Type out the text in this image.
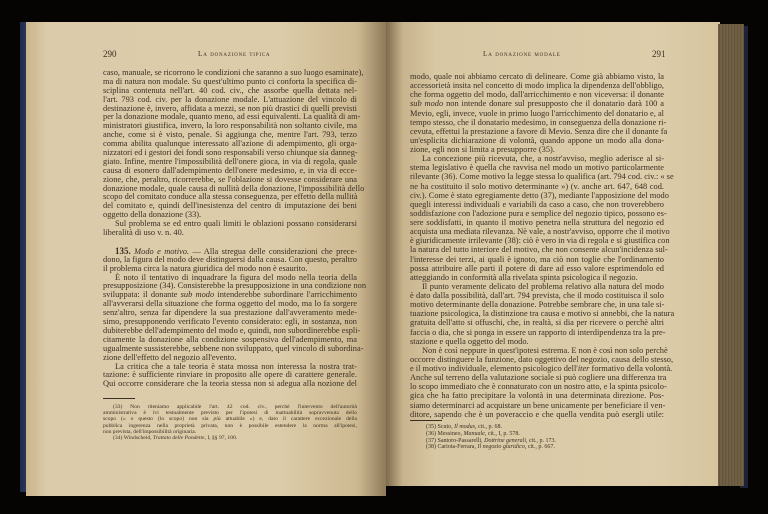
290	La donazione tipica
caso, manuale, se ricorrono le condizioni che saranno a suo luogo esaminate),
ma di natura non modale. Su quest'ultimo punto ci conforta la specifica di-
sciplina contenuta nell'art. 40 cod. civ., che assorbe quella dettata nel-
l'art. 793 cod. civ. per la donazione modale. L'attuazione del vincolo di
destinazione è, invero, affidata a mezzi, se non più drastici di quelli previsti
per la donazione modale, quanto meno, ad essi equivalenti. La qualità di am-
ministratori giustifica, invero, la loro responsabilità non soltanto civile, ma
anche, come si è visto, penale. Si aggiunga che, mentre l'art. 793, terzo
comma abilita qualunque interessato all'azione di adempimento, gli orga-
nizzatori ed i gestori dei fondi sono responsabili verso chiunque sia danneg-
giato. Infine, mentre l'impossibilità dell'onere gioca, in via di regola, quale
causa di esonero dall'adempimento dell'onere medesimo, e, in via di ecce-
zione, che, peraltro, ricorrerebbe, se l'oblazione si dovesse considerare una
donazione modale, quale causa di nullità della donazione, l'impossibilità dello
scopo del comitato conduce alla stessa conseguenza, per effetto della nullità
del comitato e, quindi dell'inesistenza del centro di imputazione dei beni
oggetto della donazione (33).
Sul problema se ed entro quali limiti le oblazioni possano considerarsi
liberalità di uso v. n. 40.
135. Modo e motivo. — Alla stregua delle considerazioni che prece-
dono, la figura del modo deve distinguersi dalla causa. Con questo, peraltro
il problema circa la natura giuridica del modo non è esaurito.
È noto il tentativo di inquadrare la figura del modo nella teoria della
presupposizione (34). Consisterebbe la presupposizione in una condizione non
sviluppata: il donante sub modo intenderebbe subordinare l'arricchimento
all'avverarsi della situazione che forma oggetto del modo, ma lo fa sorgere
senz'altro, senza far dipendere la sua prestazione dall'avveramento mede-
simo, presupponendo verificato l'evento considerato: egli, in sostanza, non
dubiterebbe dell'adempimento del modo e, quindi, non subordinerebbe espli-
citamente la donazione alla condizione sospensiva dell'adempimento, ma
ugualmente sussisterebbe, sebbene non sviluppato, quel vincolo di subordina-
zione dell'effetto del negozio all'evento.
La critica che a tale teoria è stata mossa non interessa la nostra trat-
tazione: è sufficiente rinviare in proposito alle opere di carattere generale.
Qui occorre considerare che la teoria stessa non si adegua alla nozione del
(33) Non riteniamo applicabile l'art. 42 cod. civ., perchè l'intervento dell'autorità
amministrativa è ivi testualmente previsto per l'ipotesi di inattuabilità sopravvenuta dello
scopo (« o questo (lo scopo) non sia più attuabile ») e, dato il carattere eccezionale della
pubblica ingerenza nella proprietà privata, non è possibile estendere la norma all'ipotesi,
non prevista, dell'impossibilità originaria.
(34) Windscheid, Trattato delle Pandette, I, §§ 97, 100.
La donazione modale	291
modo, quale noi abbiamo cercato di delineare. Come già abbiamo visto, la
accessorietà insita nel concetto di modo implica la dipendenza dell'obbligo,
che forma oggetto del modo, dall'arricchimento e non viceversa: il donante
sub modo non intende donare sul presupposto che il donatario darà 100 a
Mevio, egli, invece, vuole in primo luogo l'arricchimento del donatario e, al
tempo stesso, che il donatario medesimo, in conseguenza della donazione ri-
cevuta, effettui la prestazione a favore di Mevio. Senza dire che il donante fa
un'esplicita dichiarazione di volontà, quando appone un modo alla dona-
zione, egli non si limita a presupporre (35).
La concezione più ricevuta, che, a nostr'avviso, meglio aderisce al si-
stema legislativo è quella che ravvisa nel modo un motivo particolarmente
rilevante (36). Come motivo la legge stessa lo qualifica (art. 794 cod. civ.: « se
ne ha costituito il solo motivo determinante ») (v. anche art. 647, 648 cod.
civ.). Come è stato egregiamente detto (37), mediante l'apposizione del modo
quegli interessi individuali e variabili da caso a caso, che non troverebbero
soddisfazione con l'adozione pura e semplice del negozio tipico, possono es-
sere soddisfatti, in quanto il motivo penetra nella struttura del negozio ed
acquista una mediata rilevanza. Nè vale, a nostr'avviso, opporre che il motivo
è giuridicamente irrilevante (38): ciò è vero in via di regola e si giustifica con
la natura del tutto interiore del motivo, che non consente alcun'incidenza sul-
l'interesse dei terzi, ai quali è ignoto, ma ciò non toglie che l'ordinamento
possa attribuire alle parti il potere di dare ad esso valore esprimendolo ed
atteggiando in conformità alla rivelata spinta psicologica il negozio.
Il punto veramente delicato del problema relativo alla natura del modo
è dato dalla possibilità, dall'art. 794 prevista, che il modo costituisca il solo
motivo determinante della donazione. Potrebbe sembrare che, in una tale si-
tuazione psicologica, la distinzione tra causa e motivo si annebbi, che la natura
gratuita dell'atto si offuschi, che, in realtà, si dia per ricevere o perchè altri
faccia o dia, che si ponga in essere un rapporto di interdipendenza tra la pre-
stazione e quella oggetto del modo.
Non è così neppure in quest'ipotesi estrema. E non è così non solo perchè
occorre distinguere la funzione, dato oggettivo del negozio, causa dello stesso,
e il motivo individuale, elemento psicologico dell'iter formativo della volontà.
Anche sul terreno della valutazione sociale si può cogliere una differenza tra
lo scopo immediato che è connaturato con un nostro atto, e la spinta psicolo-
gica che ha fatto precipitare la volontà in una determinata direzione. Pos-
siamo determinarci ad acquistare un bene unicamente per beneficiare il ven-
ditore, sapendo che è un poveraccio e che quella vendita può esergli utile:
(35) Scuto, Il modus, cit., p. 68.
(36) Messineo, Manuale, cit., I, p. 578.
(37) Santoro-Passarelli, Dottrine generali, cit., p. 173.
(38) Cariota-Ferrara, Il negozio giuridico, cit., p. 667.
